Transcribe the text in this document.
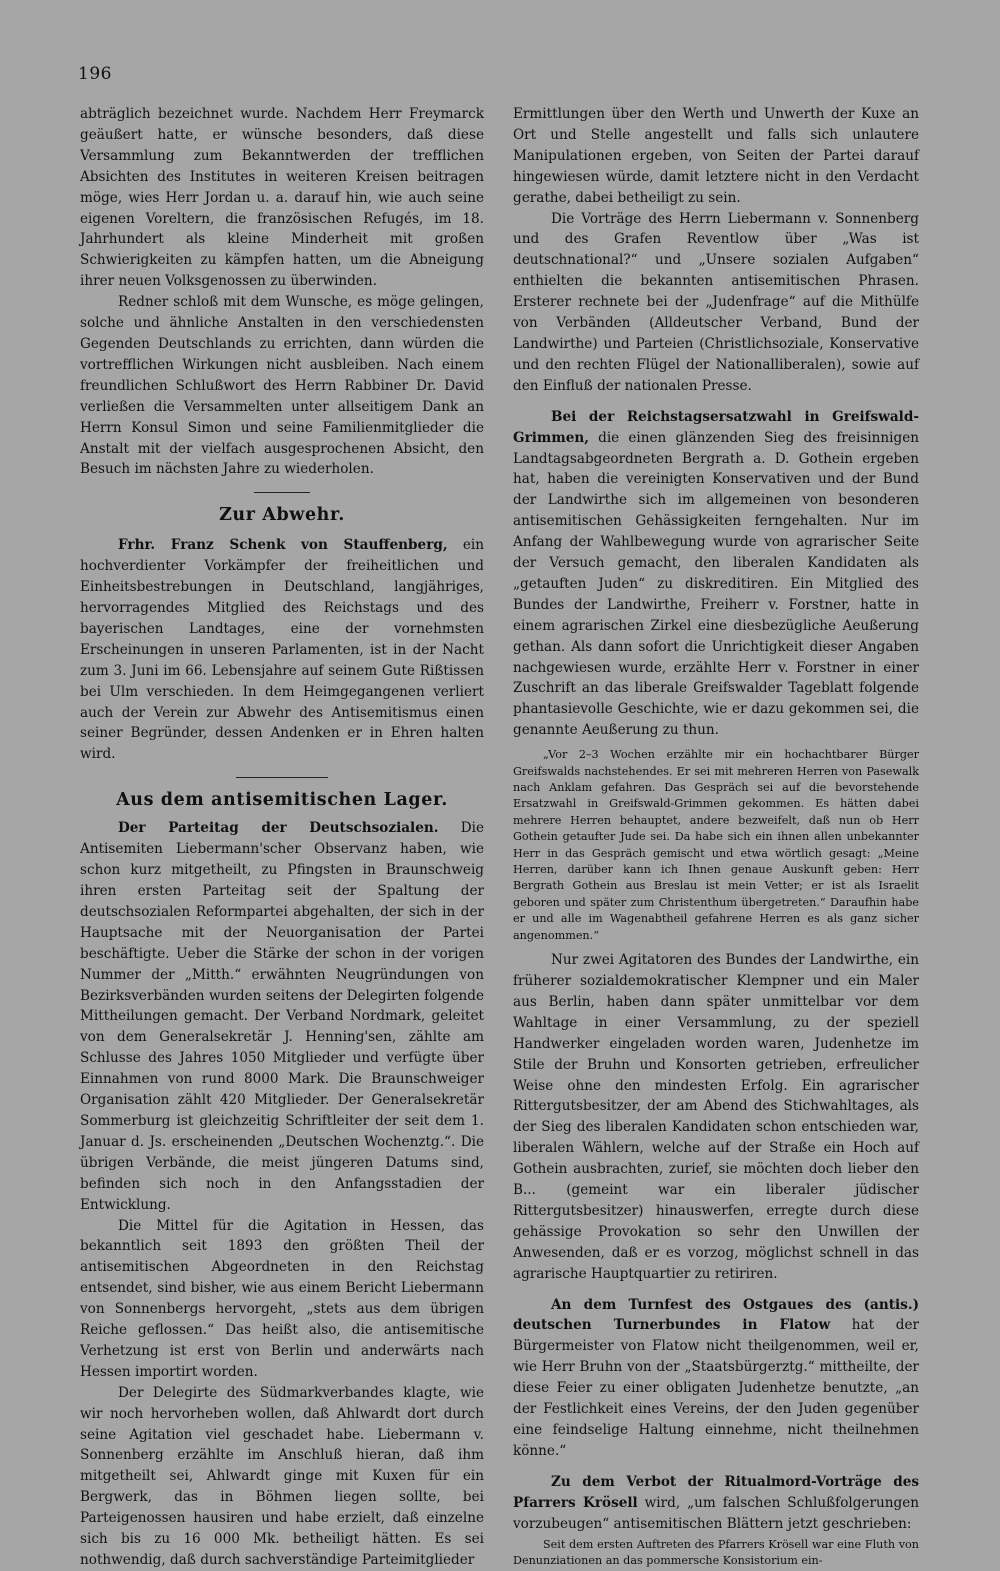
196

abträglich bezeichnet wurde. Nachdem Herr Freymarck geäußert hatte, er wünsche besonders, daß diese Versammlung zum Bekanntwerden der trefflichen Absichten des Institutes in weiteren Kreisen beitragen möge, wies Herr Jordan u. a. darauf hin, wie auch seine eigenen Voreltern, die französischen Refugés, im 18. Jahrhundert als kleine Minderheit mit großen Schwierigkeiten zu kämpfen hatten, um die Abneigung ihrer neuen Volksgenossen zu überwinden.

Redner schloß mit dem Wunsche, es möge gelingen, solche und ähnliche Anstalten in den verschiedensten Gegenden Deutschlands zu errichten, dann würden die vortrefflichen Wirkungen nicht ausbleiben. Nach einem freundlichen Schlußwort des Herrn Rabbiner Dr. David verließen die Versammelten unter allseitigem Dank an Herrn Konsul Simon und seine Familienmitglieder die Anstalt mit der vielfach ausgesprochenen Absicht, den Besuch im nächsten Jahre zu wiederholen.

Zur Abwehr.

Frhr. Franz Schenk von Stauffenberg, ein hochverdienter Vorkämpfer der freiheitlichen und Einheitsbestrebungen in Deutschland, langjähriges, hervorragendes Mitglied des Reichstags und des bayerischen Landtages, eine der vornehmsten Erscheinungen in unseren Parlamenten, ist in der Nacht zum 3. Juni im 66. Lebensjahre auf seinem Gute Rißtissen bei Ulm verschieden. In dem Heimgegangenen verliert auch der Verein zur Abwehr des Antisemitismus einen seiner Begründer, dessen Andenken er in Ehren halten wird.

Aus dem antisemitischen Lager.

Der Parteitag der Deutschsozialen. Die Antisemiten Liebermann'scher Observanz haben, wie schon kurz mitgetheilt, zu Pfingsten in Braunschweig ihren ersten Parteitag seit der Spaltung der deutschsozialen Reformpartei abgehalten, der sich in der Hauptsache mit der Neuorganisation der Partei beschäftigte. Ueber die Stärke der schon in der vorigen Nummer der „Mitth.“ erwähnten Neugründungen von Bezirksverbänden wurden seitens der Delegirten folgende Mittheilungen gemacht. Der Verband Nordmark, geleitet von dem Generalsekretär J. Henning'sen, zählte am Schlusse des Jahres 1050 Mitglieder und verfügte über Einnahmen von rund 8000 Mark. Die Braunschweiger Organisation zählt 420 Mitglieder. Der Generalsekretär Sommerburg ist gleichzeitig Schriftleiter der seit dem 1. Januar d. Js. erscheinenden „Deutschen Wochenztg.“. Die übrigen Verbände, die meist jüngeren Datums sind, befinden sich noch in den Anfangsstadien der Entwicklung.

Die Mittel für die Agitation in Hessen, das bekanntlich seit 1893 den größten Theil der antisemitischen Abgeordneten in den Reichstag entsendet, sind bisher, wie aus einem Bericht Liebermann von Sonnenbergs hervorgeht, „stets aus dem übrigen Reiche geflossen.“ Das heißt also, die antisemitische Verhetzung ist erst von Berlin und anderwärts nach Hessen importirt worden.

Der Delegirte des Südmarkverbandes klagte, wie wir noch hervorheben wollen, daß Ahlwardt dort durch seine Agitation viel geschadet habe. Liebermann v. Sonnenberg erzählte im Anschluß hieran, daß ihm mitgetheilt sei, Ahlwardt ginge mit Kuxen für ein Bergwerk, das in Böhmen liegen sollte, bei Parteigenossen hausiren und habe erzielt, daß einzelne sich bis zu 16 000 Mk. betheiligt hätten. Es sei nothwendig, daß durch sachverständige Parteimitglieder

Ermittlungen über den Werth und Unwerth der Kuxe an Ort und Stelle angestellt und falls sich unlautere Manipulationen ergeben, von Seiten der Partei darauf hingewiesen würde, damit letztere nicht in den Verdacht gerathe, dabei betheiligt zu sein.

Die Vorträge des Herrn Liebermann v. Sonnenberg und des Grafen Reventlow über „Was ist deutschnational?“ und „Unsere sozialen Aufgaben“ enthielten die bekannten antisemitischen Phrasen. Ersterer rechnete bei der „Judenfrage“ auf die Mithülfe von Verbänden (Alldeutscher Verband, Bund der Landwirthe) und Parteien (Christlichsoziale, Konservative und den rechten Flügel der Nationalliberalen), sowie auf den Einfluß der nationalen Presse.

Bei der Reichstagsersatzwahl in Greifswald-Grimmen, die einen glänzenden Sieg des freisinnigen Landtagsabgeordneten Bergrath a. D. Gothein ergeben hat, haben die vereinigten Konservativen und der Bund der Landwirthe sich im allgemeinen von besonderen antisemitischen Gehässigkeiten ferngehalten. Nur im Anfang der Wahlbewegung wurde von agrarischer Seite der Versuch gemacht, den liberalen Kandidaten als „getauften Juden“ zu diskreditiren. Ein Mitglied des Bundes der Landwirthe, Freiherr v. Forstner, hatte in einem agrarischen Zirkel eine diesbezügliche Aeußerung gethan. Als dann sofort die Unrichtigkeit dieser Angaben nachgewiesen wurde, erzählte Herr v. Forstner in einer Zuschrift an das liberale Greifswalder Tageblatt folgende phantasievolle Geschichte, wie er dazu gekommen sei, die genannte Aeußerung zu thun.

„Vor 2–3 Wochen erzählte mir ein hochachtbarer Bürger Greifswalds nachstehendes. Er sei mit mehreren Herren von Pasewalk nach Anklam gefahren. Das Gespräch sei auf die bevorstehende Ersatzwahl in Greifswald-Grimmen gekommen. Es hätten dabei mehrere Herren behauptet, andere bezweifelt, daß nun ob Herr Gothein getaufter Jude sei. Da habe sich ein ihnen allen unbekannter Herr in das Gespräch gemischt und etwa wörtlich gesagt: „Meine Herren, darüber kann ich Ihnen genaue Auskunft geben: Herr Bergrath Gothein aus Breslau ist mein Vetter; er ist als Israelit geboren und später zum Christenthum übergetreten.“ Daraufhin habe er und alle im Wagenabtheil gefahrene Herren es als ganz sicher angenommen.“

Nur zwei Agitatoren des Bundes der Landwirthe, ein früherer sozialdemokratischer Klempner und ein Maler aus Berlin, haben dann später unmittelbar vor dem Wahltage in einer Versammlung, zu der speziell Handwerker eingeladen worden waren, Judenhetze im Stile der Bruhn und Konsorten getrieben, erfreulicher Weise ohne den mindesten Erfolg. Ein agrarischer Rittergutsbesitzer, der am Abend des Stichwahltages, als der Sieg des liberalen Kandidaten schon entschieden war, liberalen Wählern, welche auf der Straße ein Hoch auf Gothein ausbrachten, zurief, sie möchten doch lieber den B... (gemeint war ein liberaler jüdischer Rittergutsbesitzer) hinauswerfen, erregte durch diese gehässige Provokation so sehr den Unwillen der Anwesenden, daß er es vorzog, möglichst schnell in das agrarische Hauptquartier zu retiriren.

An dem Turnfest des Ostgaues des (antis.) deutschen Turnerbundes in Flatow hat der Bürgermeister von Flatow nicht theilgenommen, weil er, wie Herr Bruhn von der „Staatsbürgerztg.“ mittheilte, der diese Feier zu einer obligaten Judenhetze benutzte, „an der Festlichkeit eines Vereins, der den Juden gegenüber eine feindselige Haltung einnehme, nicht theilnehmen könne.“

Zu dem Verbot der Ritualmord-Vorträge des Pfarrers Krösell wird, „um falschen Schlußfolgerungen vorzubeugen“ antisemitischen Blättern jetzt geschrieben:

Seit dem ersten Auftreten des Pfarrers Krösell war eine Fluth von Denunziationen an das pommersche Konsistorium ein-
